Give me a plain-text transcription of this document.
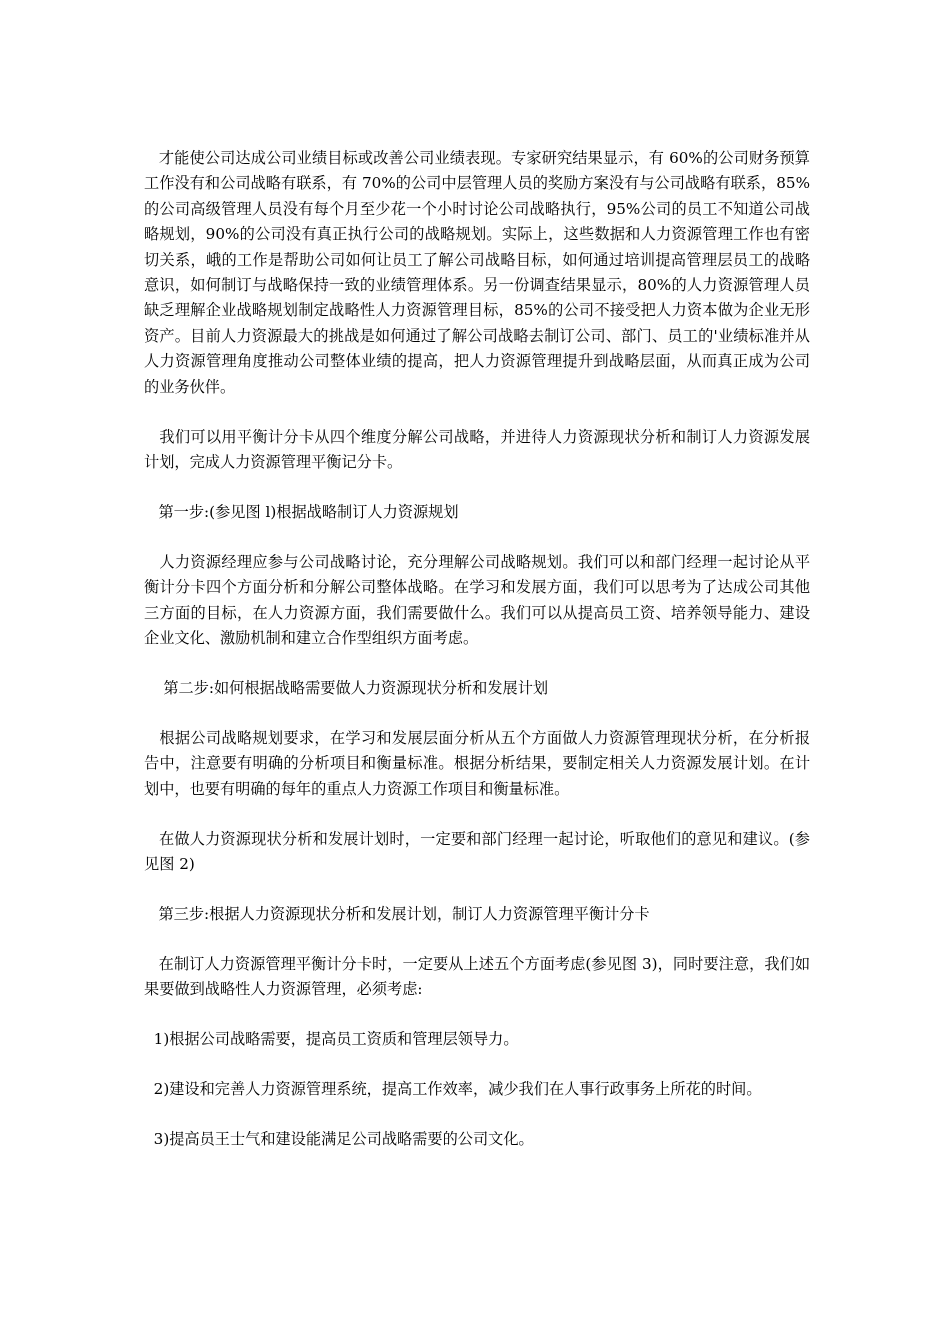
才能使公司达成公司业绩目标或改善公司业绩表现。专家研究结果显示，有 60%的公司财务预算工作没有和公司战略有联系，有 70%的公司中层管理人员的奖励方案没有与公司战略有联系，85%的公司高级管理人员没有每个月至少花一个小时讨论公司战略执行，95%公司的员工不知道公司战略规划，90%的公司没有真正执行公司的战略规划。实际上，这些数据和人力资源管理工作也有密切关系，峨的工作是帮助公司如何让员工了解公司战略目标，如何通过培训提高管理层员工的战略意识，如何制订与战略保持一致的业绩管理体系。另一份调查结果显示，80%的人力资源管理人员缺乏理解企业战略规划制定战略性人力资源管理目标，85%的公司不接受把人力资本做为企业无形资产。目前人力资源最大的挑战是如何通过了解公司战略去制订公司、部门、员工的'业绩标准并从人力资源管理角度推动公司整体业绩的提高，把人力资源管理提升到战略层面，从而真正成为公司的业务伙伴。

我们可以用平衡计分卡从四个维度分解公司战略，并进待人力资源现状分析和制订人力资源发展计划，完成人力资源管理平衡记分卡。

第一步:(参见图 l)根据战略制订人力资源规划

人力资源经理应参与公司战略讨论，充分理解公司战略规划。我们可以和部门经理一起讨论从平衡计分卡四个方面分析和分解公司整体战略。在学习和发展方面，我们可以思考为了达成公司其他三方面的目标，在人力资源方面，我们需要做什么。我们可以从提高员工资、培养领导能力、建设企业文化、激励机制和建立合作型组织方面考虑。

第二步:如何根据战略需要做人力资源现状分析和发展计划

根据公司战略规划要求，在学习和发展层面分析从五个方面做人力资源管理现状分析，在分析报告中，注意要有明确的分析项目和衡量标准。根据分析结果，要制定相关人力资源发展计划。在计划中，也要有明确的每年的重点人力资源工作项目和衡量标准。

在做人力资源现状分析和发展计划时，一定要和部门经理一起讨论，听取他们的意见和建议。(参见图 2)

第三步:根据人力资源现状分析和发展计划，制订人力资源管理平衡计分卡

在制订人力资源管理平衡计分卡时，一定要从上述五个方面考虑(参见图 3)，同时要注意，我们如果要做到战略性人力资源管理，必须考虑:

1)根据公司战略需要，提高员工资质和管理层领导力。

2)建设和完善人力资源管理系统，提高工作效率，减少我们在人事行政事务上所花的时间。

3)提高员王士气和建设能满足公司战略需要的公司文化。
